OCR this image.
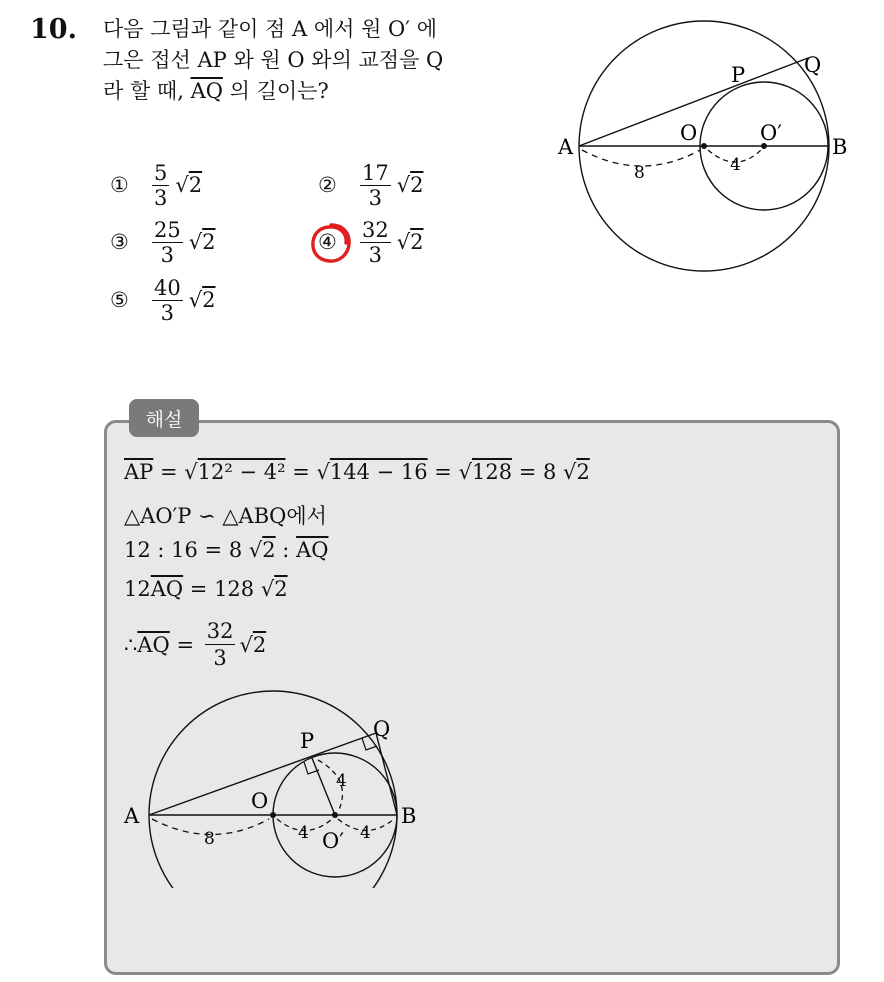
10. 다음 그림과 같이 점 A 에서 원 O′ 에
그은 접선 AP 와 원 O 와의 교점을 Q
라 할 때, $\overline{AQ}$ 의 길이는?
①	$\frac{5}{3} √2$	②	$\frac{17}{3} √2$
③	$\frac{25}{3} √2$	④	$\frac{32}{3} √2$
⑤	$\frac{40}{3} √2$
A	B
O	O′
P	Q
8	4
해설
$\overline{AP} = √12^2 - 4^2 = √144 - 16 = √128 = 8$ √2
△AO′P ∽ △ABQ에서
12 : 16 = 8 √2 : $\overline{AQ}$
$12\overline{AQ} = 128$ √2
∴ $\overline{AQ} = \frac{32}{3} √2$
A	B
O
O′
P	Q
8	4	4
4
